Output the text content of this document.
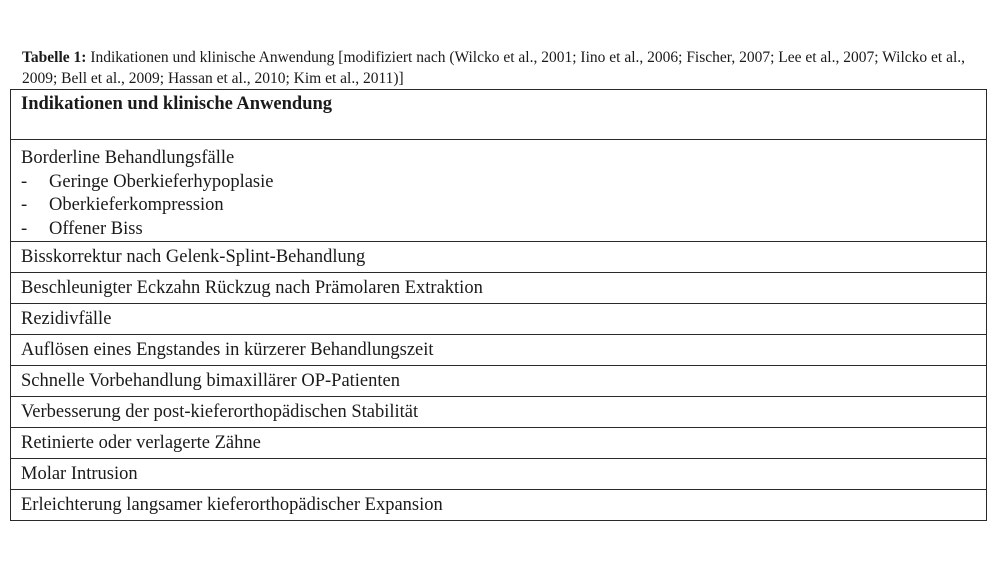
Tabelle 1: Indikationen und klinische Anwendung [modifiziert nach (Wilcko et al., 2001; Iino et al., 2006; Fischer, 2007; Lee et al., 2007; Wilcko et al., 2009; Bell et al., 2009; Hassan et al., 2010; Kim et al., 2011)]
Indikationen und klinische Anwendung

Borderline Behandlungsfälle
-	Geringe Oberkieferhypoplasie
-	Oberkieferkompression
-	Offener Biss

Bisskorrektur nach Gelenk-Splint-Behandlung
Beschleunigter Eckzahn Rückzug nach Prämolaren Extraktion
Rezidivfälle
Auflösen eines Engstandes in kürzerer Behandlungszeit
Schnelle Vorbehandlung bimaxillärer OP-Patienten
Verbesserung der post-kieferorthopädischen Stabilität
Retinierte oder verlagerte Zähne
Molar Intrusion
Erleichterung langsamer kieferorthopädischer Expansion
